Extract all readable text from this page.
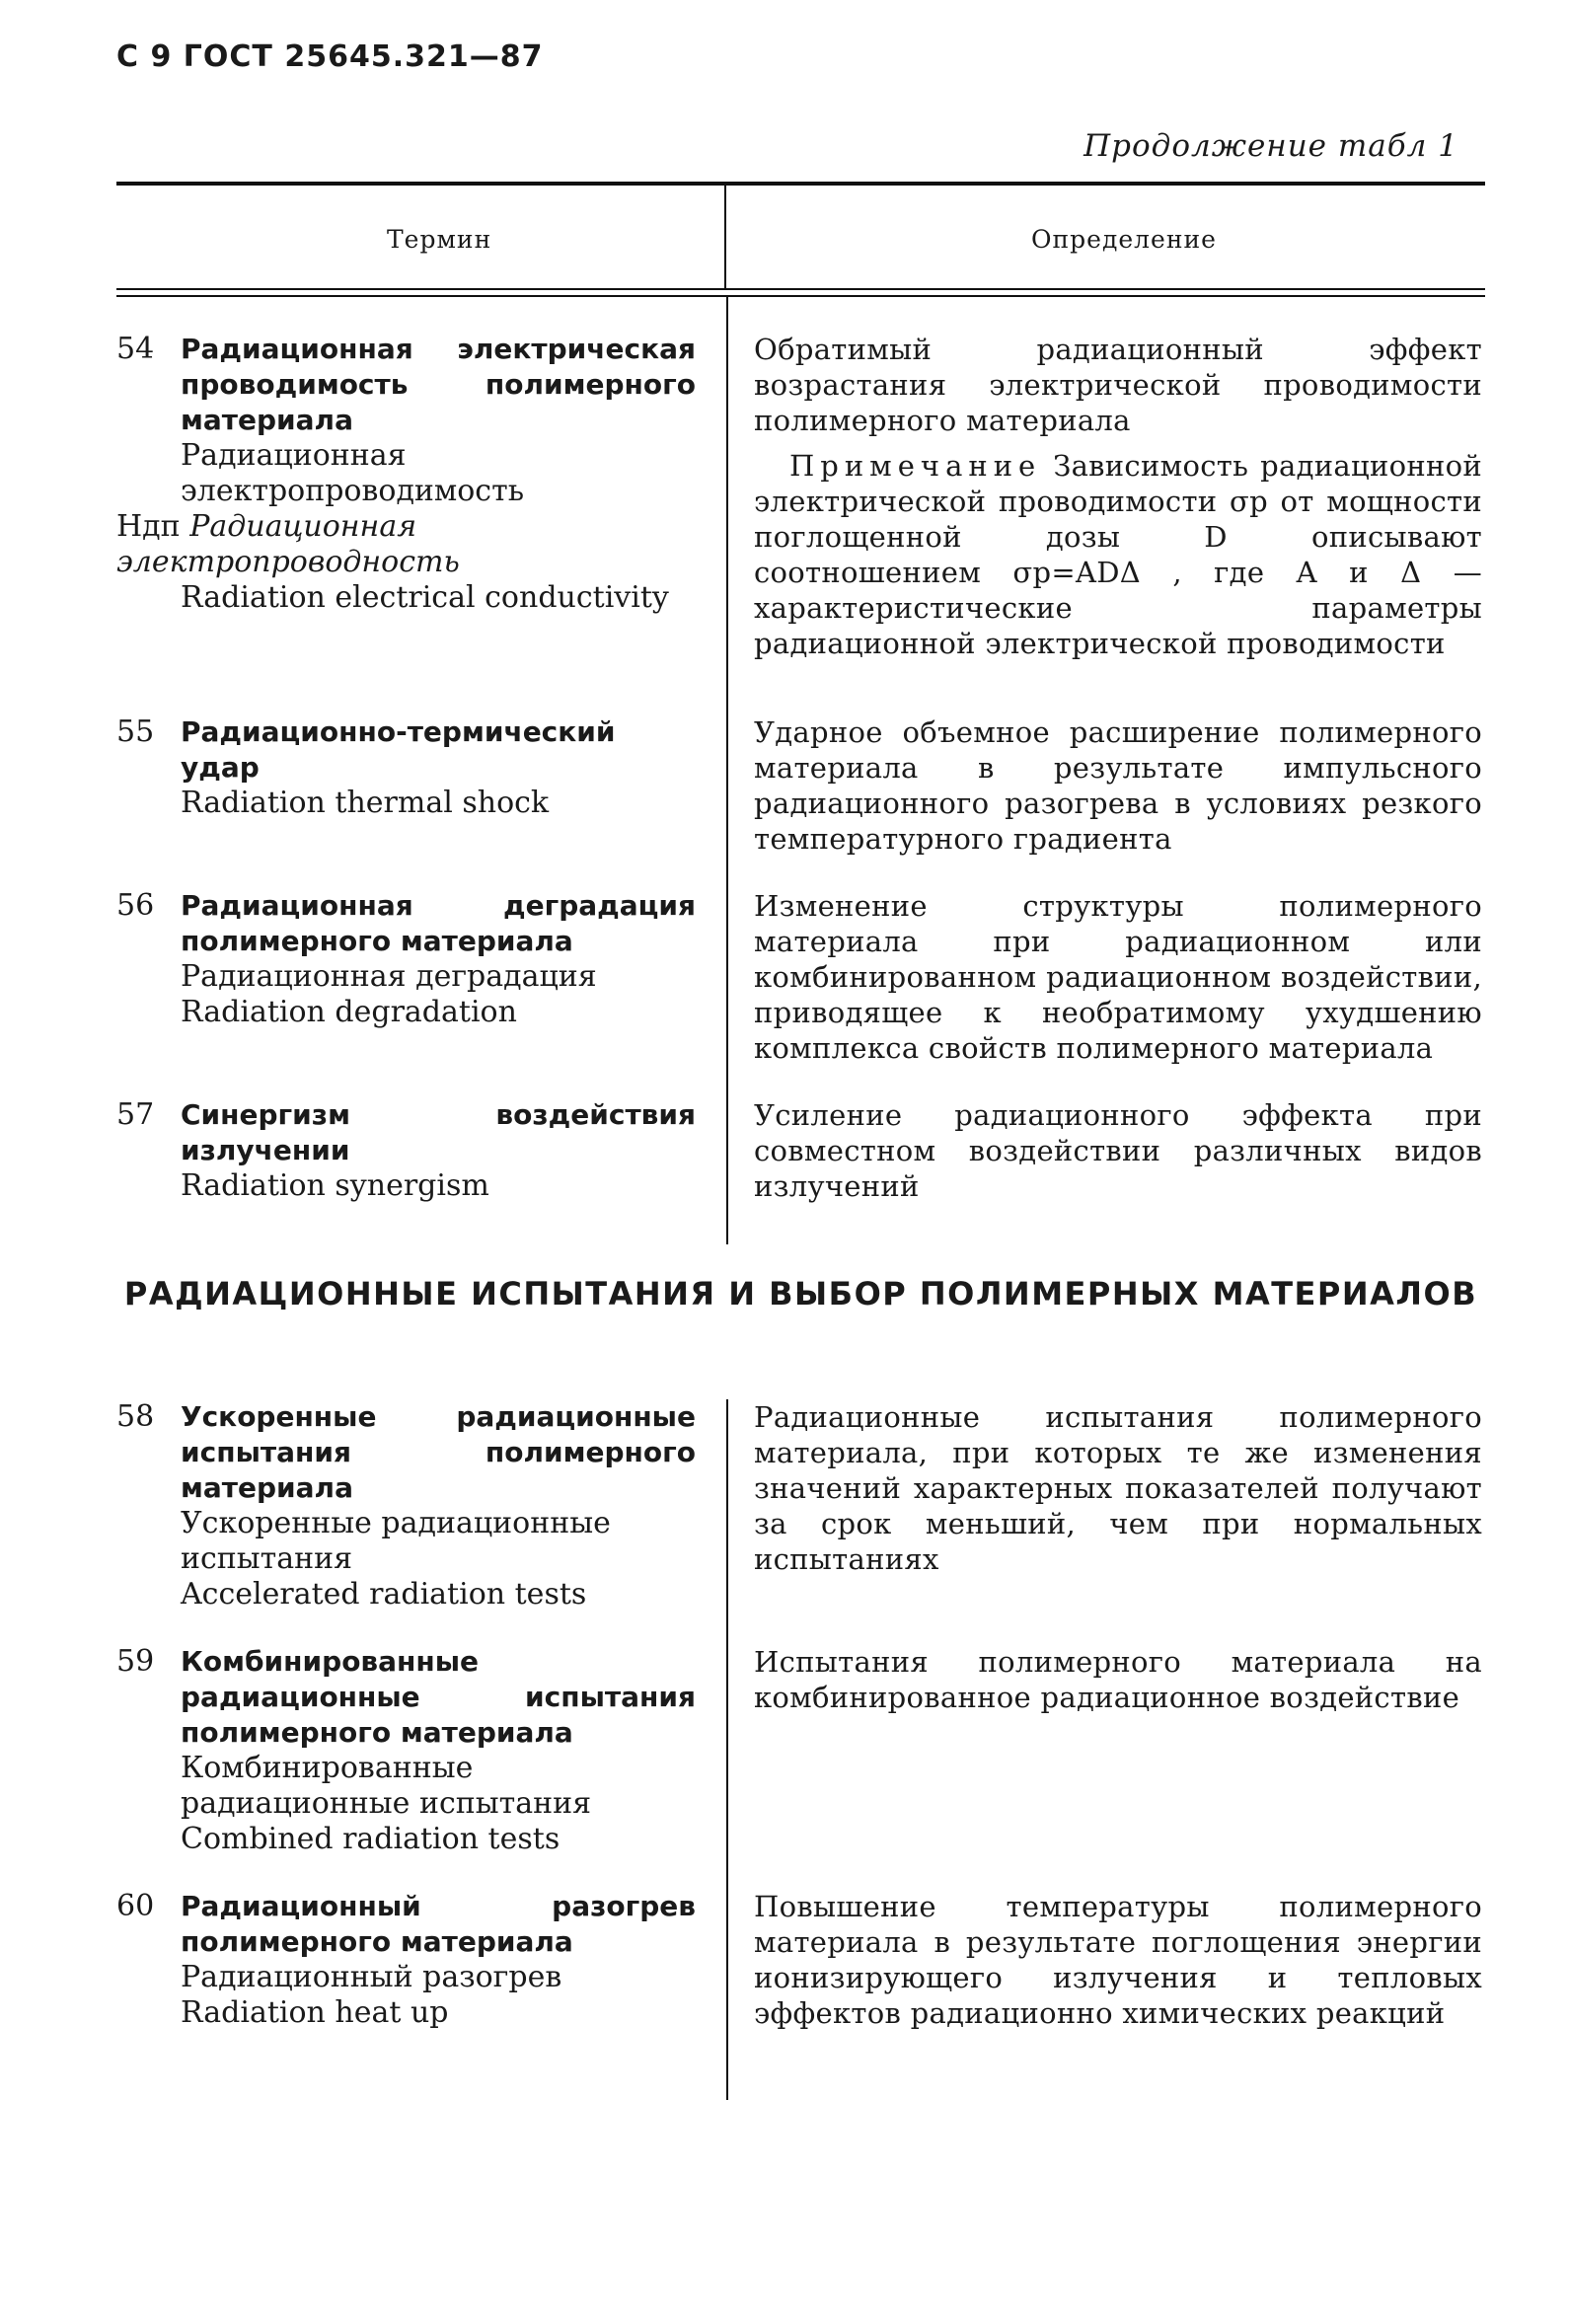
С 9 ГОСТ 25645.321—87
Продолжение табл 1
Термин	Определение
54 Радиационная электрическая проводимость полимерного материала
Радиационная электропроводимость
Ндп Радиационная электропроводность
Radiation electrical conductivity
Обратимый радиационный эффект возрастания электрической проводимости полимерного материала
Примечание Зависимость радиационной электрической проводимости σр от мощности поглощенной дозы D описывают соотношением σр=ADΔ , где A и Δ — характеристические параметры радиационной электрической проводимости
55 Радиационно-термический удар
Radiation thermal shock
Ударное объемное расширение полимерного материала в результате импульсного радиационного разогрева в условиях резкого температурного градиента
56 Радиационная деградация полимерного материала
Радиационная деградация
Radiation degradation
Изменение структуры полимерного материала при радиационном или комбинированном радиационном воздействии, приводящее к необратимому ухудшению комплекса свойств полимерного материала
57 Синергизм воздействия излучении
Radiation synergism
Усиление радиационного эффекта при совместном воздействии различных видов излучений
РАДИАЦИОННЫЕ ИСПЫТАНИЯ И ВЫБОР ПОЛИМЕРНЫХ МАТЕРИАЛОВ
58 Ускоренные радиационные испытания полимерного материала
Ускоренные радиационные испытания
Accelerated radiation tests
Радиационные испытания полимерного материала, при которых те же изменения значений характерных показателей получают за срок меньший, чем при нормальных испытаниях
59 Комбинированные радиационные испытания полимерного материала
Комбинированные радиационные испытания
Combined radiation tests
Испытания полимерного материала на комбинированное радиационное воздействие
60 Радиационный разогрев полимерного материала
Радиационный разогрев
Radiation heat up
Повышение температуры полимерного материала в результате поглощения энергии ионизирующего излучения и тепловых эффектов радиационно химических реакций
